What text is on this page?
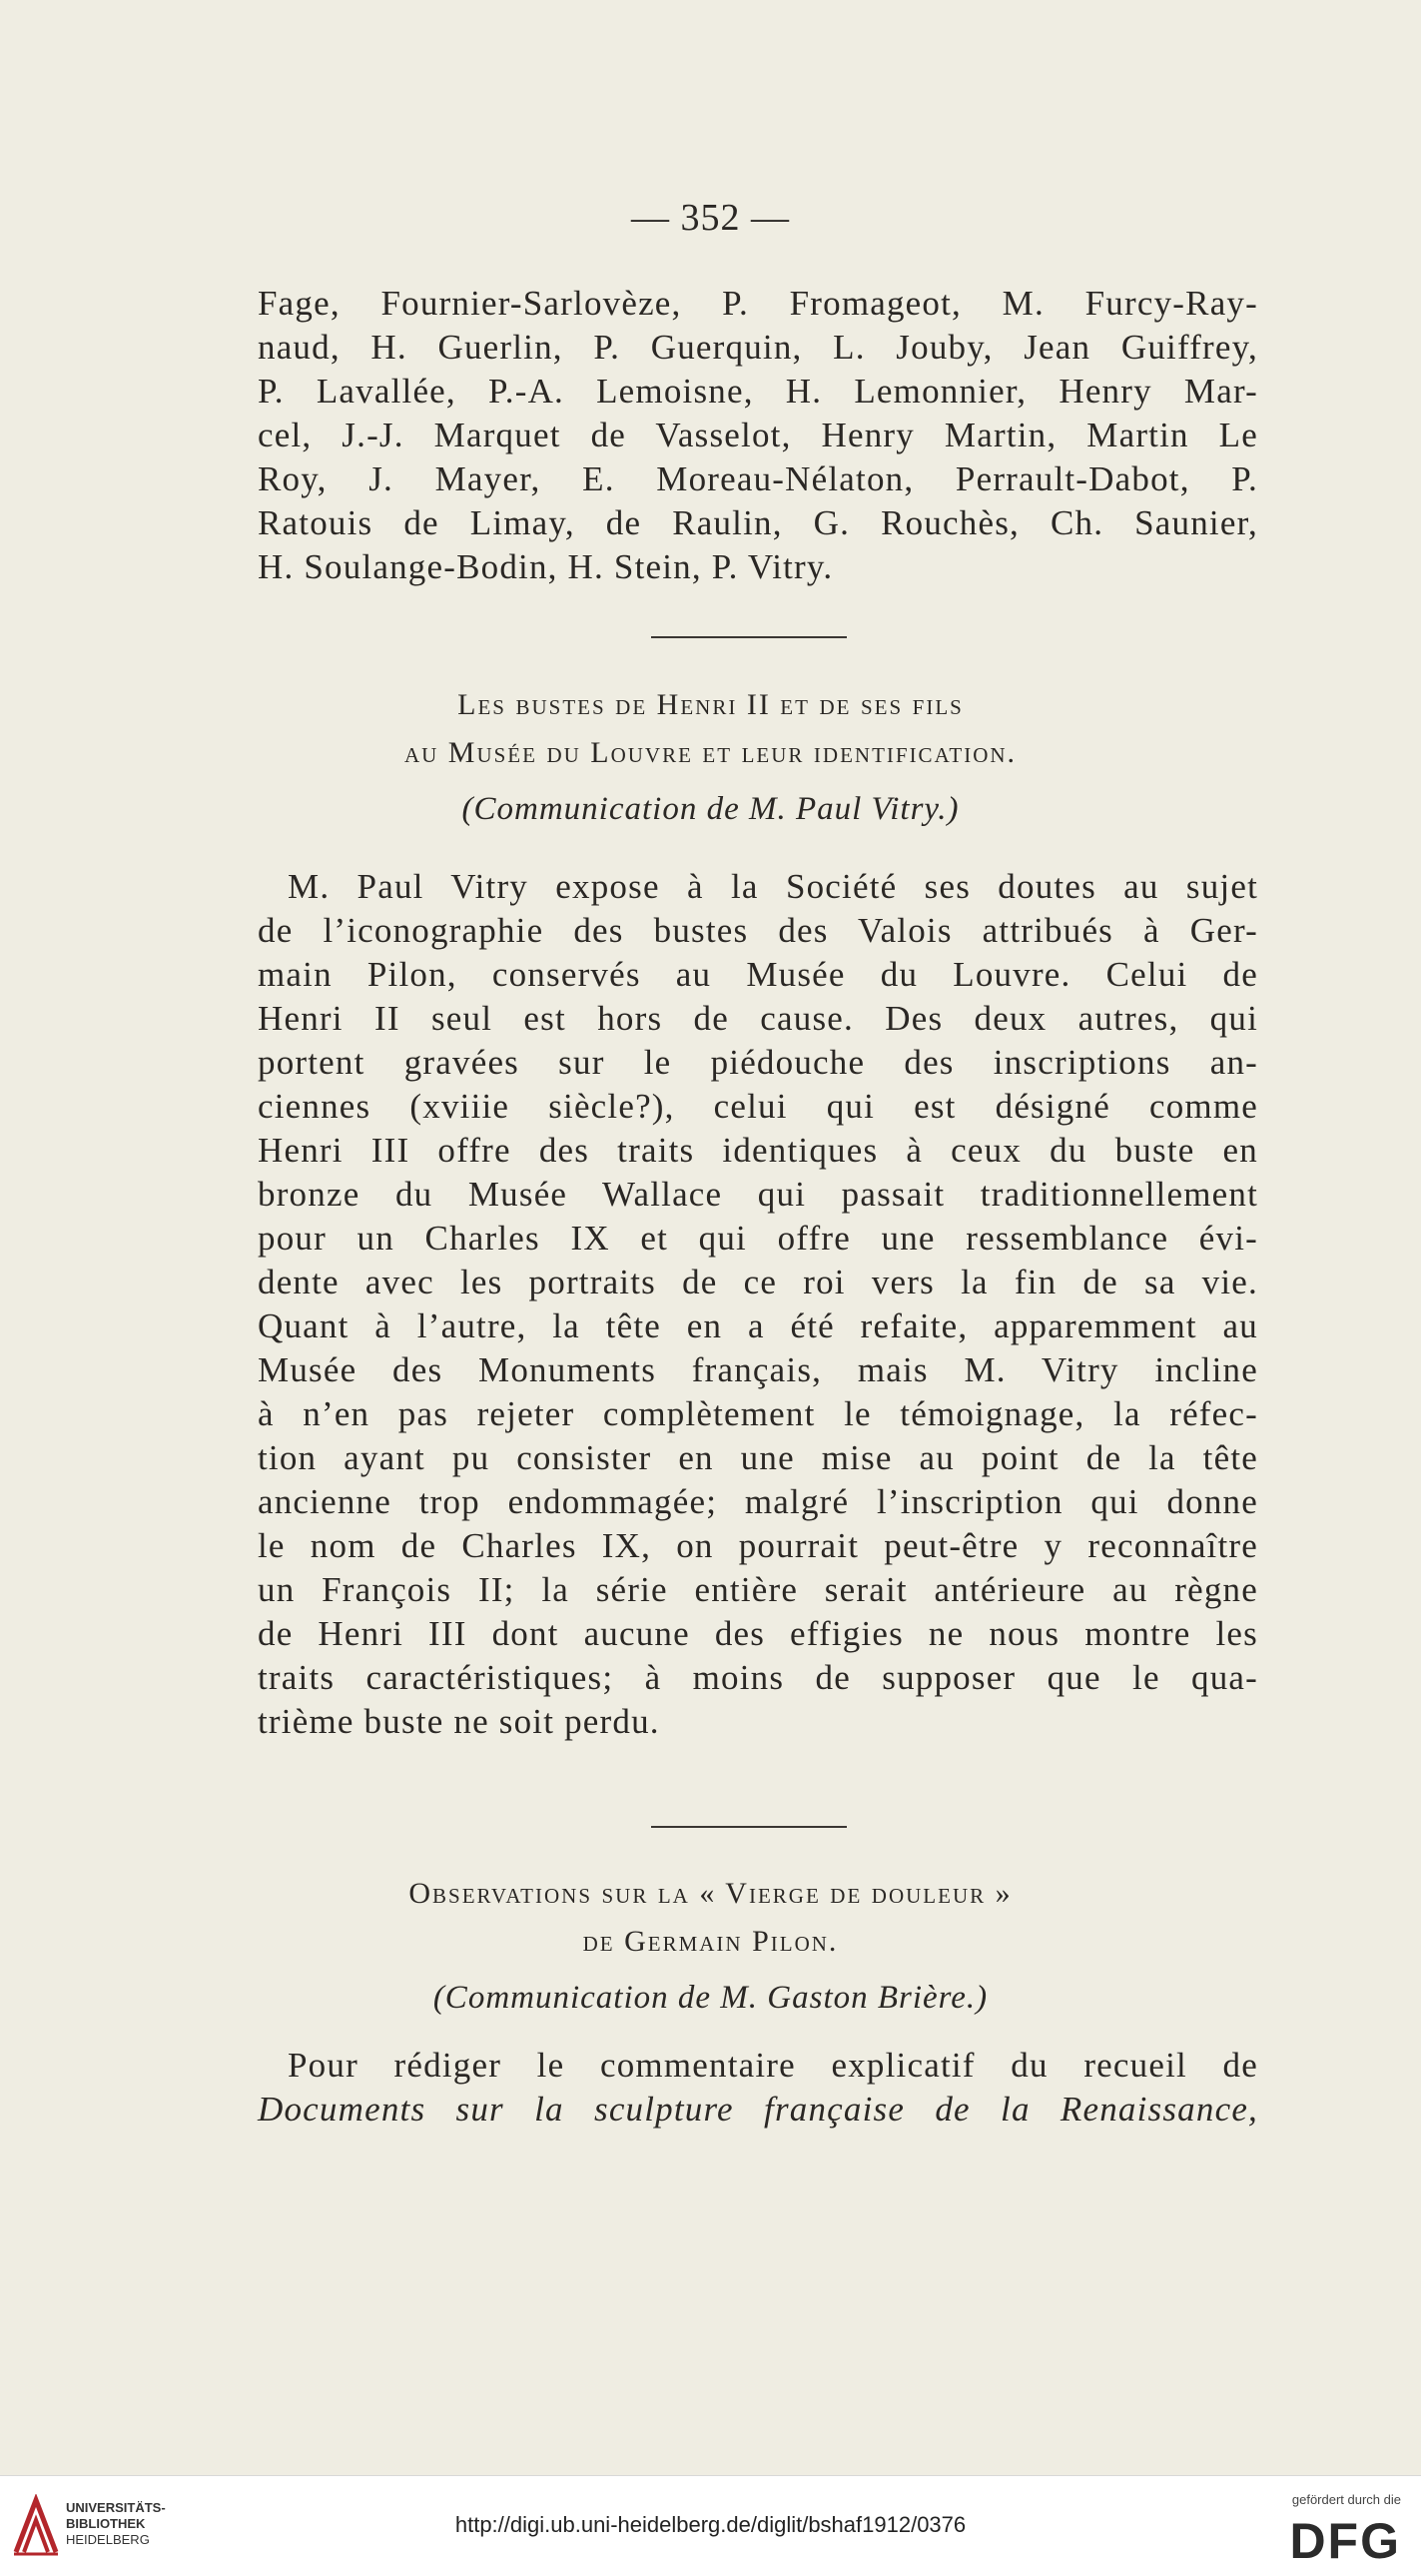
— 352 —
Fage, Fournier-Sarlovèze, P. Fromageot, M. Furcy-Ray-
naud, H. Guerlin, P. Guerquin, L. Jouby, Jean Guiffrey,
P. Lavallée, P.-A. Lemoisne, H. Lemonnier, Henry Mar-
cel, J.-J. Marquet de Vasselot, Henry Martin, Martin Le
Roy, J. Mayer, E. Moreau-Nélaton, Perrault-Dabot, P.
Ratouis de Limay, de Raulin, G. Rouchès, Ch. Saunier,
H. Soulange-Bodin, H. Stein, P. Vitry.
Les bustes de Henri II et de ses fils
au Musée du Louvre et leur identification.
(Communication de M. Paul Vitry.)
M. Paul Vitry expose à la Société ses doutes au sujet
de l’iconographie des bustes des Valois attribués à Ger-
main Pilon, conservés au Musée du Louvre. Celui de
Henri II seul est hors de cause. Des deux autres, qui
portent gravées sur le piédouche des inscriptions an-
ciennes (xviiie siècle?), celui qui est désigné comme
Henri III offre des traits identiques à ceux du buste en
bronze du Musée Wallace qui passait traditionnellement
pour un Charles IX et qui offre une ressemblance évi-
dente avec les portraits de ce roi vers la fin de sa vie.
Quant à l’autre, la tête en a été refaite, apparemment au
Musée des Monuments français, mais M. Vitry incline
à n’en pas rejeter complètement le témoignage, la réfec-
tion ayant pu consister en une mise au point de la tête
ancienne trop endommagée; malgré l’inscription qui donne
le nom de Charles IX, on pourrait peut-être y reconnaître
un François II; la série entière serait antérieure au règne
de Henri III dont aucune des effigies ne nous montre les
traits caractéristiques; à moins de supposer que le qua-
trième buste ne soit perdu.
Observations sur la « Vierge de douleur »
de Germain Pilon.
(Communication de M. Gaston Brière.)
Pour rédiger le commentaire explicatif du recueil de
Documents sur la sculpture française de la Renaissance,
UNIVERSITÄTS-
BIBLIOTHEK
HEIDELBERG
http://digi.ub.uni-heidelberg.de/diglit/bshaf1912/0376
gefördert durch die
DFG
